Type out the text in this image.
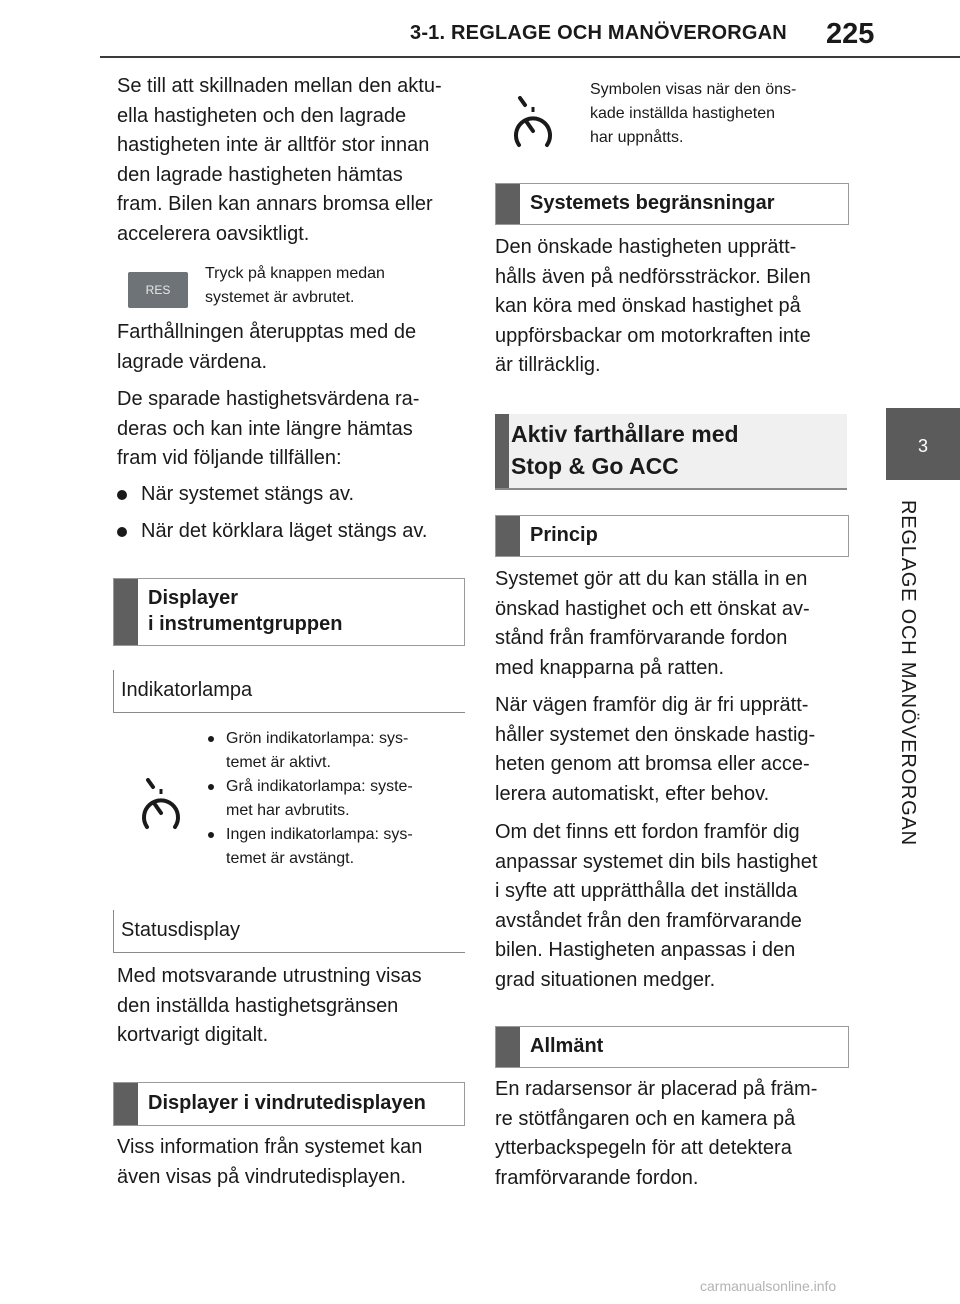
3-1. REGLAGE OCH MANÖVERORGAN 225
3
REGLAGE OCH MANÖVERORGAN
Se till att skillnaden mellan den aktu-
ella hastigheten och den lagrade
hastigheten inte är alltför stor innan
den lagrade hastigheten hämtas
fram. Bilen kan annars bromsa eller
accelerera oavsiktligt.
RES
Tryck på knappen medan
systemet är avbrutet.
Farthållningen återupptas med de
lagrade värdena.
De sparade hastighetsvärdena ra-
deras och kan inte längre hämtas
fram vid följande tillfällen:
När systemet stängs av.
När det körklara läget stängs av.
Displayer
i instrumentgruppen
Indikatorlampa
Grön indikatorlampa: sys-
temet är aktivt.
Grå indikatorlampa: syste-
met har avbrutits.
Ingen indikatorlampa: sys-
temet är avstängt.
Statusdisplay
Med motsvarande utrustning visas
den inställda hastighetsgränsen
kortvarigt digitalt.
Displayer i vindrutedisplayen
Viss information från systemet kan
även visas på vindrutedisplayen.
Symbolen visas när den öns-
kade inställda hastigheten
har uppnåtts.
Systemets begränsningar
Den önskade hastigheten upprätt-
hålls även på nedförssträckor. Bilen
kan köra med önskad hastighet på
uppförsbackar om motorkraften inte
är tillräcklig.
Aktiv farthållare med
Stop & Go ACC
Princip
Systemet gör att du kan ställa in en
önskad hastighet och ett önskat av-
stånd från framförvarande fordon
med knapparna på ratten.
När vägen framför dig är fri upprätt-
håller systemet den önskade hastig-
heten genom att bromsa eller acce-
lerera automatiskt, efter behov.
Om det finns ett fordon framför dig
anpassar systemet din bils hastighet
i syfte att upprätthålla det inställda
avståndet från den framförvarande
bilen. Hastigheten anpassas i den
grad situationen medger.
Allmänt
En radarsensor är placerad på främ-
re stötfångaren och en kamera på
ytterbackspegeln för att detektera
framförvarande fordon.
carmanualsonline.info
